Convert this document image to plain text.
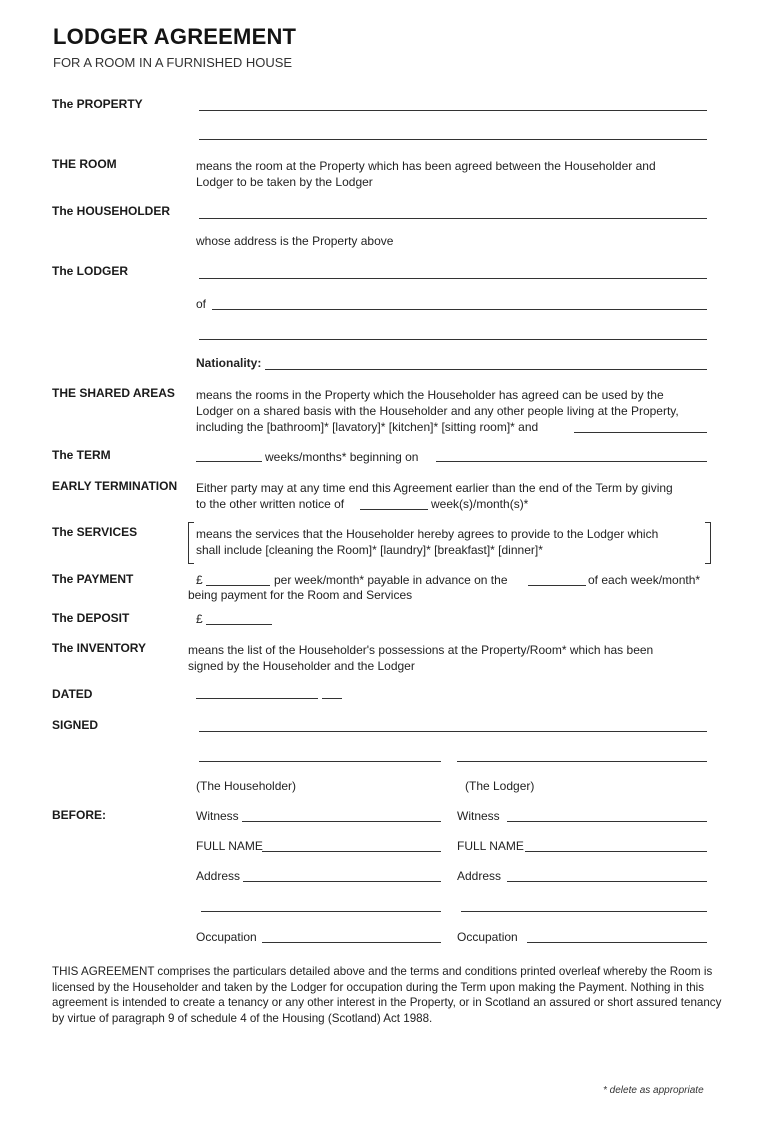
LODGER AGREEMENT
FOR A ROOM IN A FURNISHED HOUSE
The PROPERTY
THE ROOM	means the room at the Property which has been agreed between the Householder and
Lodger to be taken by the Lodger
The HOUSEHOLDER
whose address is the Property above
The LODGER
of
Nationality:
THE SHARED AREAS means the rooms in the Property which the Householder has agreed can be used by the
Lodger on a shared basis with the Householder and any other people living at the Property,
including the [bathroom]* [lavatory]* [kitchen]* [sitting room]* and
The TERM	weeks/months* beginning on
EARLY TERMINATION Either party may at any time end this Agreement earlier than the end of the Term by giving
to the other written notice of	week(s)/month(s)*
The SERVICES	means the services that the Householder hereby agrees to provide to the Lodger which
shall include [cleaning the Room]* [laundry]* [breakfast]* [dinner]*
The PAYMENT	£	per week/month* payable in advance on the	of each week/month*
being payment for the Room and Services
The DEPOSIT	£
The INVENTORY	means the list of the Householder's possessions at the Property/Room* which has been
signed by the Householder and the Lodger
DATED
SIGNED
(The Householder)	(The Lodger)
BEFORE:	Witness	Witness
FULL NAME	FULL NAME
Address	Address
Occupation	Occupation
THIS AGREEMENT comprises the particulars detailed above and the terms and conditions printed overleaf whereby the Room is licensed by the Householder and taken by the Lodger for occupation during the Term upon making the Payment. Nothing in this agreement is intended to create a tenancy or any other interest in the Property, or in Scotland an assured or short assured tenancy by virtue of paragraph 9 of schedule 4 of the Housing (Scotland) Act 1988.
* delete as appropriate
